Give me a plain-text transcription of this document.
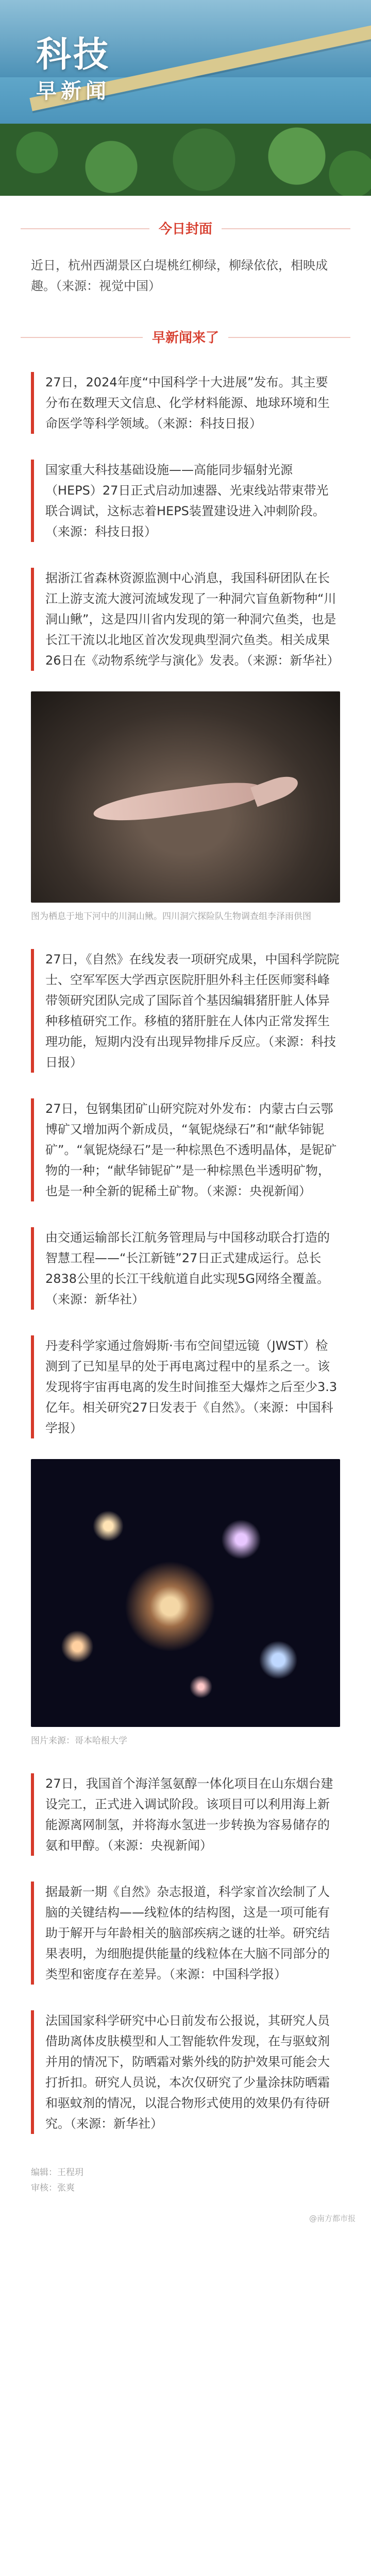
科技
早新闻
今日封面
近日，杭州西湖景区白堤桃红柳绿，柳绿依依，相映成趣。（来源：视觉中国）
早新闻来了
27日，2024年度“中国科学十大进展”发布。其主要分布在数理天文信息、化学材料能源、地球环境和生命医学等科学领域。（来源：科技日报）
国家重大科技基础设施——高能同步辐射光源（HEPS）27日正式启动加速器、光束线站带束带光联合调试，这标志着HEPS装置建设进入冲刺阶段。（来源：科技日报）
据浙江省森林资源监测中心消息，我国科研团队在长江上游支流大渡河流域发现了一种洞穴盲鱼新物种“川洞山鳅”，这是四川省内发现的第一种洞穴鱼类，也是长江干流以北地区首次发现典型洞穴鱼类。相关成果26日在《动物系统学与演化》发表。（来源：新华社）
图为栖息于地下河中的川洞山鳅。四川洞穴探险队生物调查组李泽雨供图
27日，《自然》在线发表一项研究成果，中国科学院院士、空军军医大学西京医院肝胆外科主任医师窦科峰带领研究团队完成了国际首个基因编辑猪肝脏人体异种移植研究工作。移植的猪肝脏在人体内正常发挥生理功能，短期内没有出现异物排斥反应。（来源：科技日报）
27日，包钢集团矿山研究院对外发布：内蒙古白云鄂博矿又增加两个新成员，“氧铌烧绿石”和“献华铈铌矿”。“氧铌烧绿石”是一种棕黑色不透明晶体，是铌矿物的一种；“献华铈铌矿”是一种棕黑色半透明矿物，也是一种全新的铌稀土矿物。（来源：央视新闻）
由交通运输部长江航务管理局与中国移动联合打造的智慧工程——“长江新链”27日正式建成运行。总长2838公里的长江干线航道自此实现5G网络全覆盖。（来源：新华社）
丹麦科学家通过詹姆斯·韦布空间望远镜（JWST）检测到了已知星早的处于再电离过程中的星系之一。该发现将宇宙再电离的发生时间推至大爆炸之后至少3.3亿年。相关研究27日发表于《自然》。（来源：中国科学报）
图片来源：哥本哈根大学
27日，我国首个海洋氢氨醇一体化项目在山东烟台建设完工，正式进入调试阶段。该项目可以利用海上新能源离网制氢，并将海水氢进一步转换为容易储存的氨和甲醇。（来源：央视新闻）
据最新一期《自然》杂志报道，科学家首次绘制了人脑的关键结构——线粒体的结构图，这是一项可能有助于解开与年龄相关的脑部疾病之谜的壮举。研究结果表明，为细胞提供能量的线粒体在大脑不同部分的类型和密度存在差异。（来源：中国科学报）
法国国家科学研究中心日前发布公报说，其研究人员借助离体皮肤模型和人工智能软件发现，在与驱蚊剂并用的情况下，防晒霜对紫外线的防护效果可能会大打折扣。研究人员说，本次仅研究了少量涂抹防晒霜和驱蚊剂的情况，以混合物形式使用的效果仍有待研究。（来源：新华社）
编辑：王程玥
审核：张爽
@南方都市报
